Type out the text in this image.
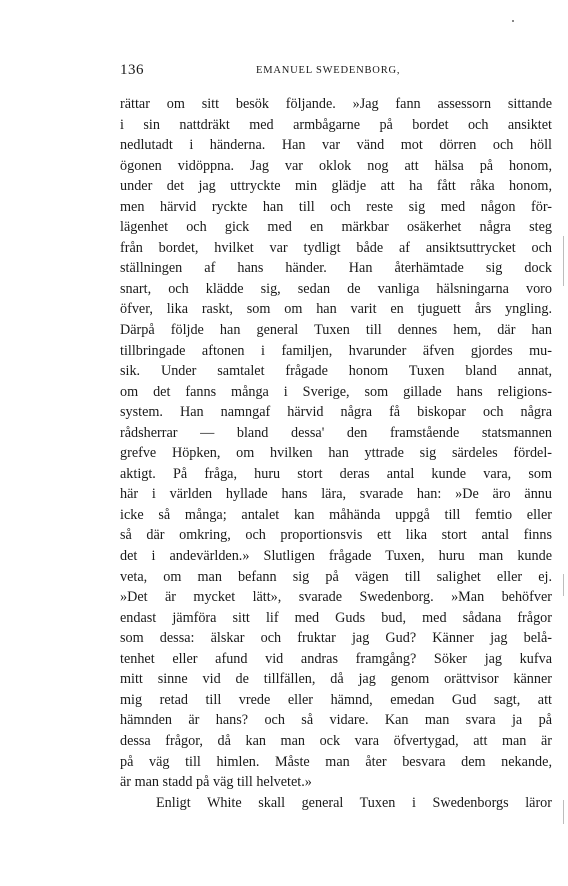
136	EMANUEL SWEDENBORG,
rättar om sitt besök följande. »Jag fann assessorn sittande
i sin nattdräkt med armbågarne på bordet och ansiktet
nedlutadt i händerna. Han var vänd mot dörren och höll
ögonen vidöppna. Jag var oklok nog att hälsa på honom,
under det jag uttryckte min glädje att ha fått råka honom,
men härvid ryckte han till och reste sig med någon för-
lägenhet och gick med en märkbar osäkerhet några steg
från bordet, hvilket var tydligt både af ansiktsuttrycket och
ställningen af hans händer. Han återhämtade sig dock
snart, och klädde sig, sedan de vanliga hälsningarna voro
öfver, lika raskt, som om han varit en tjuguett års yngling.
Därpå följde han general Tuxen till dennes hem, där han
tillbringade aftonen i familjen, hvarunder äfven gjordes mu-
sik. Under samtalet frågade honom Tuxen bland annat,
om det fanns många i Sverige, som gillade hans religions-
system. Han namngaf härvid några få biskopar och några
rådsherrar — bland dessa' den framstående statsmannen
grefve Höpken, om hvilken han yttrade sig särdeles fördel-
aktigt. På fråga, huru stort deras antal kunde vara, som
här i världen hyllade hans lära, svarade han: »De äro ännu
icke så många; antalet kan måhända uppgå till femtio eller
så där omkring, och proportionsvis ett lika stort antal finns
det i andevärlden.» Slutligen frågade Tuxen, huru man kunde
veta, om man befann sig på vägen till salighet eller ej.
»Det är mycket lätt», svarade Swedenborg. »Man behöfver
endast jämföra sitt lif med Guds bud, med sådana frågor
som dessa: älskar och fruktar jag Gud? Känner jag belå-
tenhet eller afund vid andras framgång? Söker jag kufva
mitt sinne vid de tillfällen, då jag genom orättvisor känner
mig retad till vrede eller hämnd, emedan Gud sagt, att
hämnden är hans? och så vidare. Kan man svara ja på
dessa frågor, då kan man ock vara öfvertygad, att man är
på väg till himlen. Måste man åter besvara dem nekande,
är man stadd på väg till helvetet.»
Enligt White skall general Tuxen i Swedenborgs läror
